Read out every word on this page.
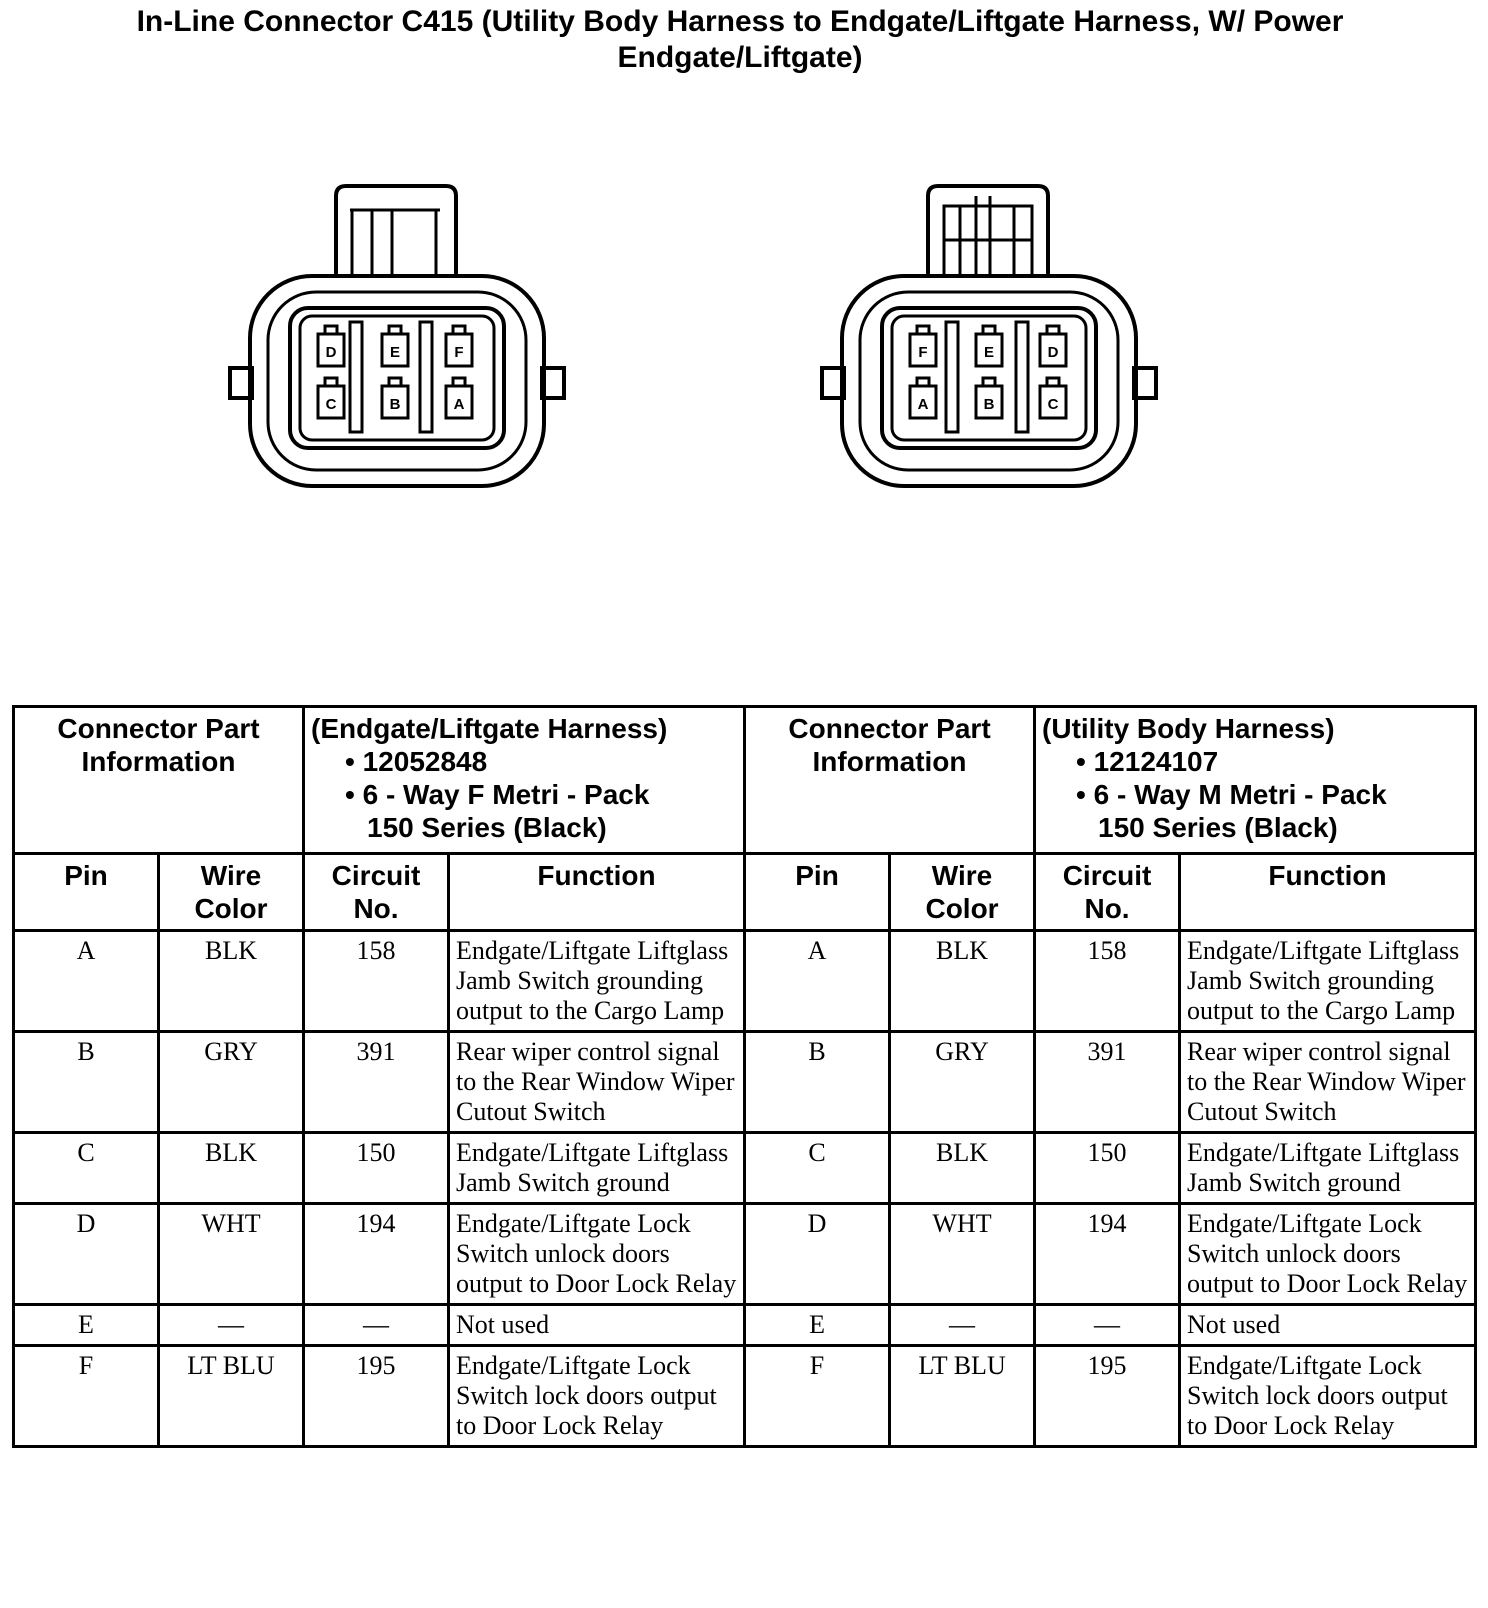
In-Line Connector C415 (Utility Body Harness to Endgate/Liftgate Harness, W/ Power Endgate/Liftgate)
D	E	F
C	B	A
F	E	D
A	B	C
Connector Part Information		(Endgate/Liftgate Harness)
• 12052848
• 6 - Way F Metri - Pack
150 Series (Black)		Connector Part Information		(Utility Body Harness)
• 12124107
• 6 - Way M Metri - Pack
150 Series (Black)	

Pin	Wire Color	Circuit No.	Function	Pin	Wire Color	Circuit No.	Function
A	BLK	158	Endgate/Liftgate Liftglass Jamb Switch grounding output to the Cargo Lamp	A	BLK	158	Endgate/Liftgate Liftglass Jamb Switch grounding output to the Cargo Lamp
B	GRY	391	Rear wiper control signal to the Rear Window Wiper Cutout Switch	B	GRY	391	Rear wiper control signal to the Rear Window Wiper Cutout Switch
C	BLK	150	Endgate/Liftgate Liftglass Jamb Switch ground	C	BLK	150	Endgate/Liftgate Liftglass Jamb Switch ground
D	WHT	194	Endgate/Liftgate Lock Switch unlock doors output to Door Lock Relay	D	WHT	194	Endgate/Liftgate Lock Switch unlock doors output to Door Lock Relay
E	—	—	Not used	E	—	—	Not used
F	LT BLU	195	Endgate/Liftgate Lock Switch lock doors output to Door Lock Relay	F	LT BLU	195	Endgate/Liftgate Lock Switch lock doors output to Door Lock Relay
